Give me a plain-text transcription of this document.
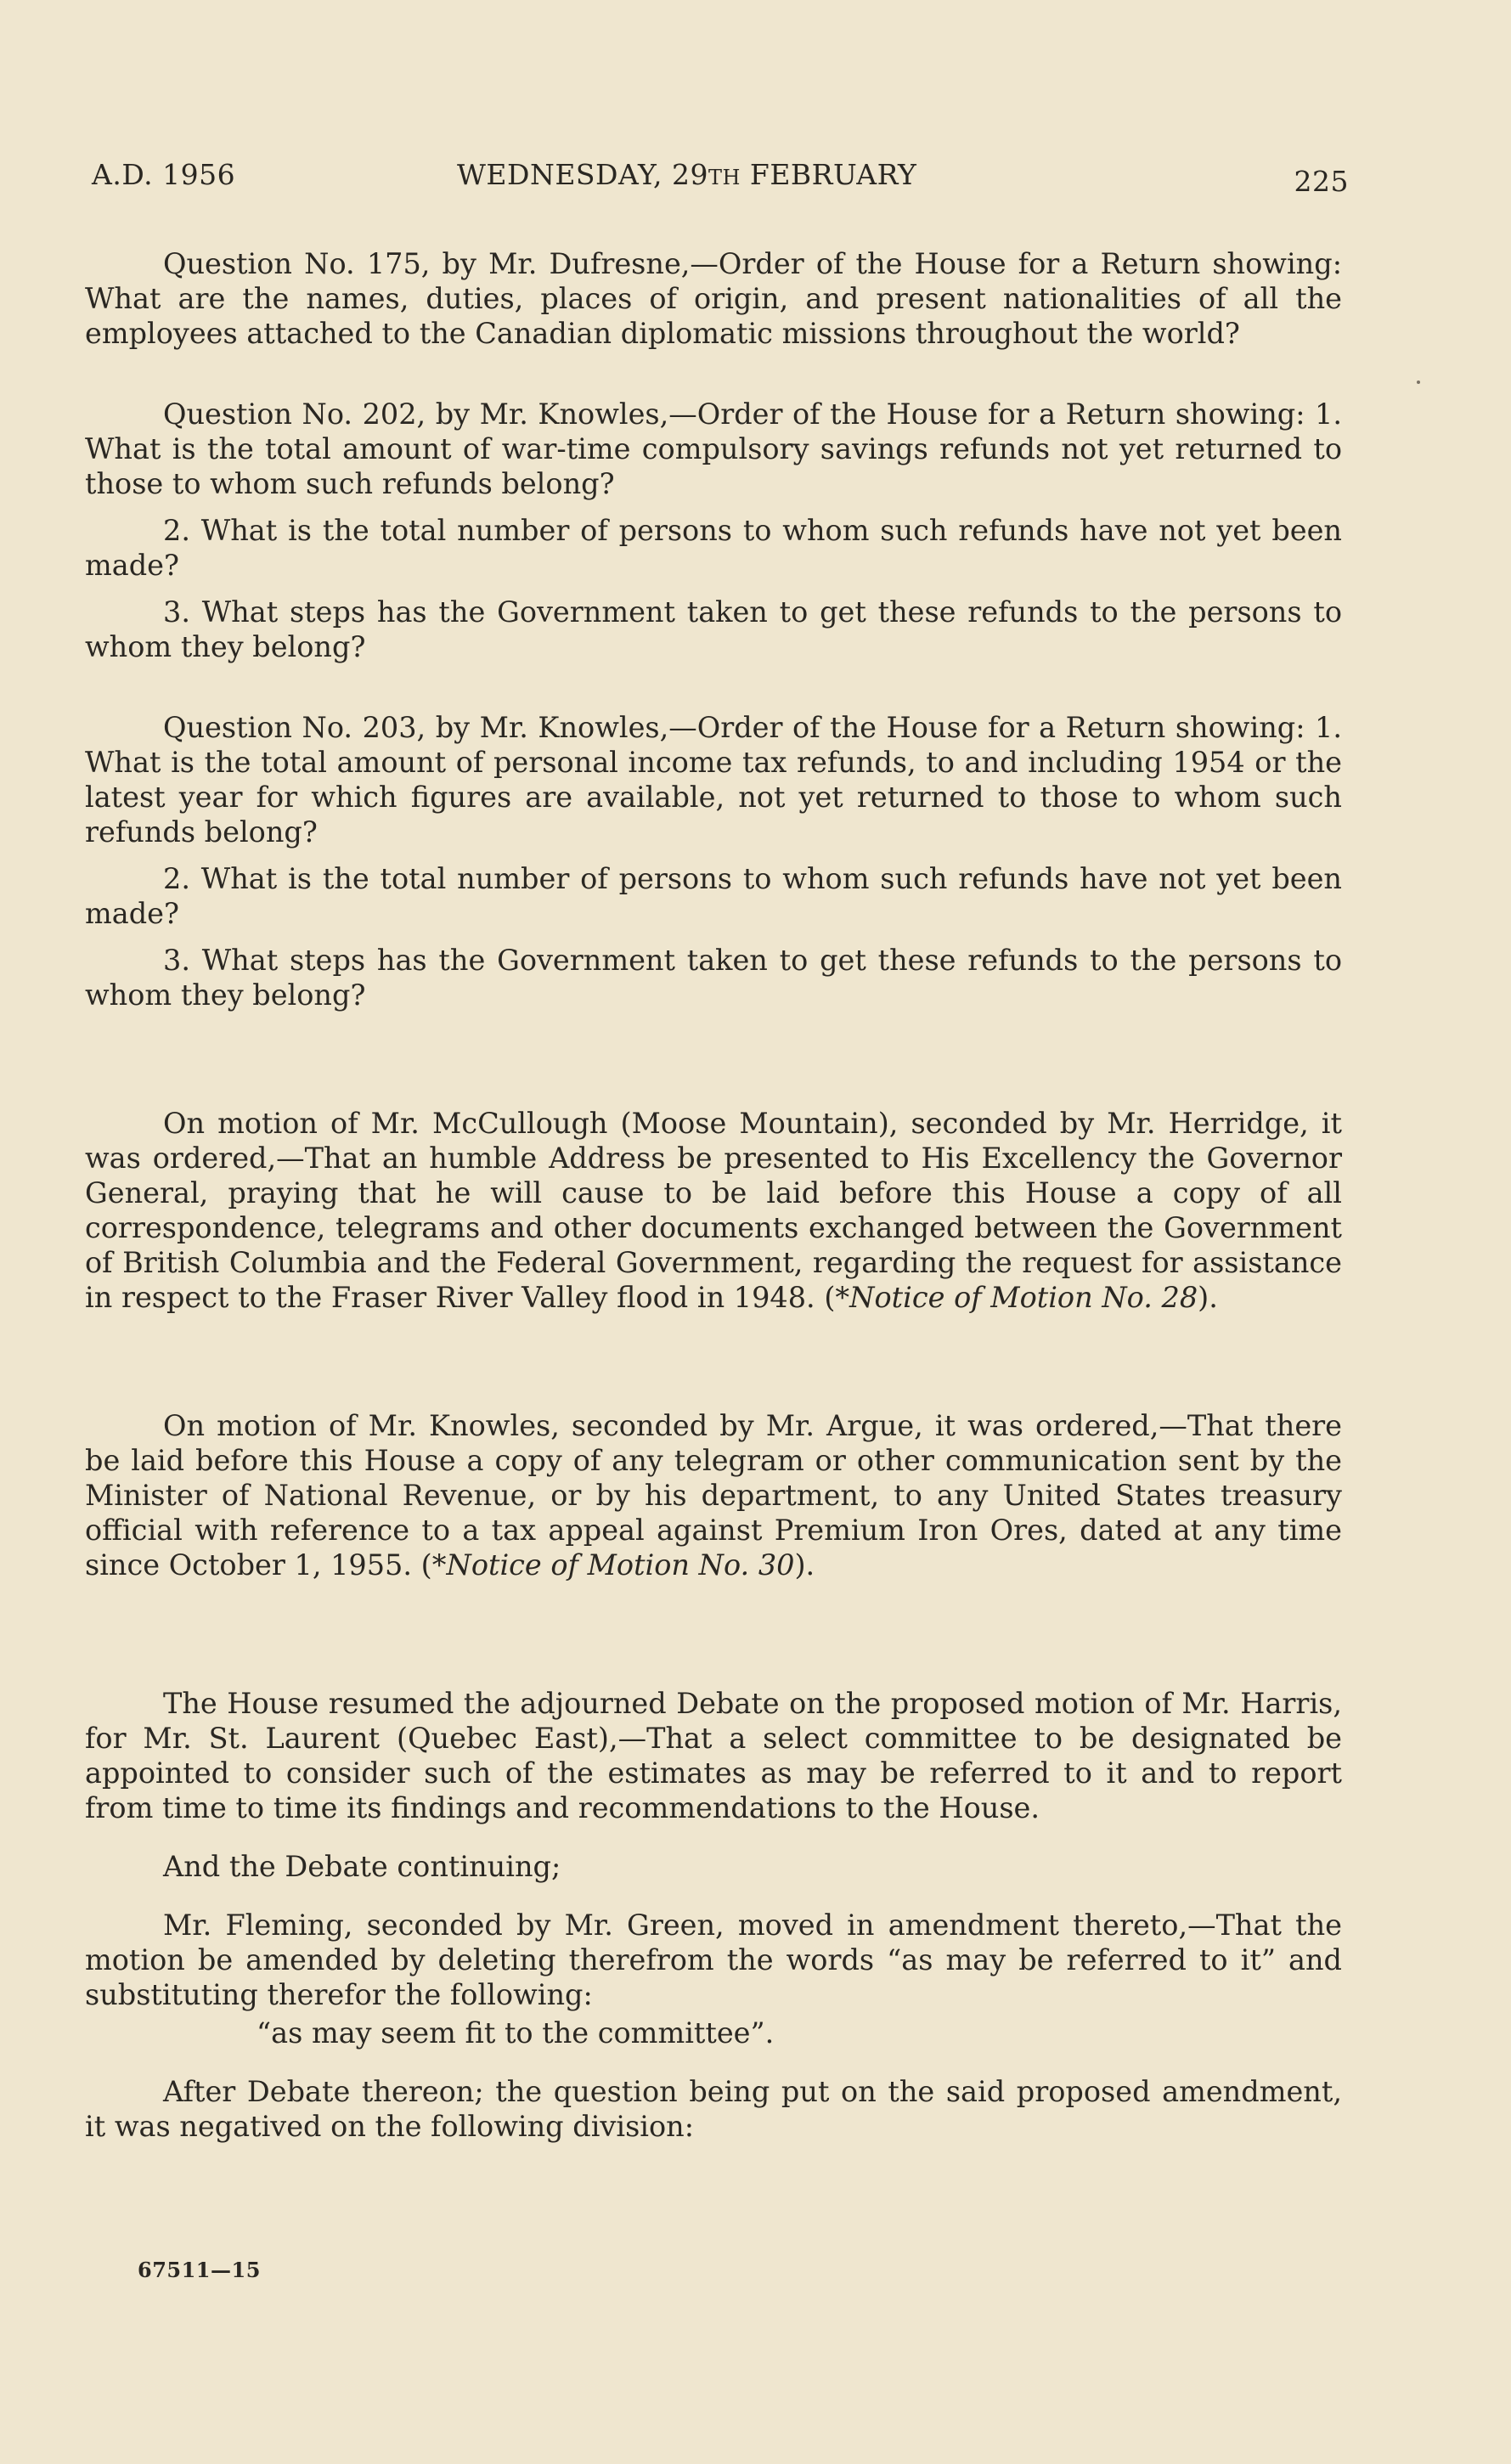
A.D. 1956	WEDNESDAY, 29TH FEBRUARY	225

Question No. 175, by Mr. Dufresne,—Order of the House for a Return showing: What are the names, duties, places of origin, and present nationalities of all the employees attached to the Canadian diplomatic missions throughout the world?

Question No. 202, by Mr. Knowles,—Order of the House for a Return showing: 1. What is the total amount of war-time compulsory savings refunds not yet returned to those to whom such refunds belong?

2. What is the total number of persons to whom such refunds have not yet been made?

3. What steps has the Government taken to get these refunds to the persons to whom they belong?

Question No. 203, by Mr. Knowles,—Order of the House for a Return showing: 1. What is the total amount of personal income tax refunds, to and including 1954 or the latest year for which figures are available, not yet returned to those to whom such refunds belong?

2. What is the total number of persons to whom such refunds have not yet been made?

3. What steps has the Government taken to get these refunds to the persons to whom they belong?

On motion of Mr. McCullough (Moose Mountain), seconded by Mr. Herridge, it was ordered,—That an humble Address be presented to His Excellency the Governor General, praying that he will cause to be laid before this House a copy of all correspondence, telegrams and other documents exchanged between the Government of British Columbia and the Federal Government, regarding the request for assistance in respect to the Fraser River Valley flood in 1948. (*Notice of Motion No. 28).

On motion of Mr. Knowles, seconded by Mr. Argue, it was ordered,—That there be laid before this House a copy of any telegram or other communication sent by the Minister of National Revenue, or by his department, to any United States treasury official with reference to a tax appeal against Premium Iron Ores, dated at any time since October 1, 1955. (*Notice of Motion No. 30).

The House resumed the adjourned Debate on the proposed motion of Mr. Harris, for Mr. St. Laurent (Quebec East),—That a select committee to be designated be appointed to consider such of the estimates as may be referred to it and to report from time to time its findings and recommendations to the House.

And the Debate continuing;

Mr. Fleming, seconded by Mr. Green, moved in amendment thereto,—That the motion be amended by deleting therefrom the words “as may be referred to it” and substituting therefor the following:

“as may seem fit to the committee”.

After Debate thereon; the question being put on the said proposed amendment, it was negatived on the following division:

67511—15
